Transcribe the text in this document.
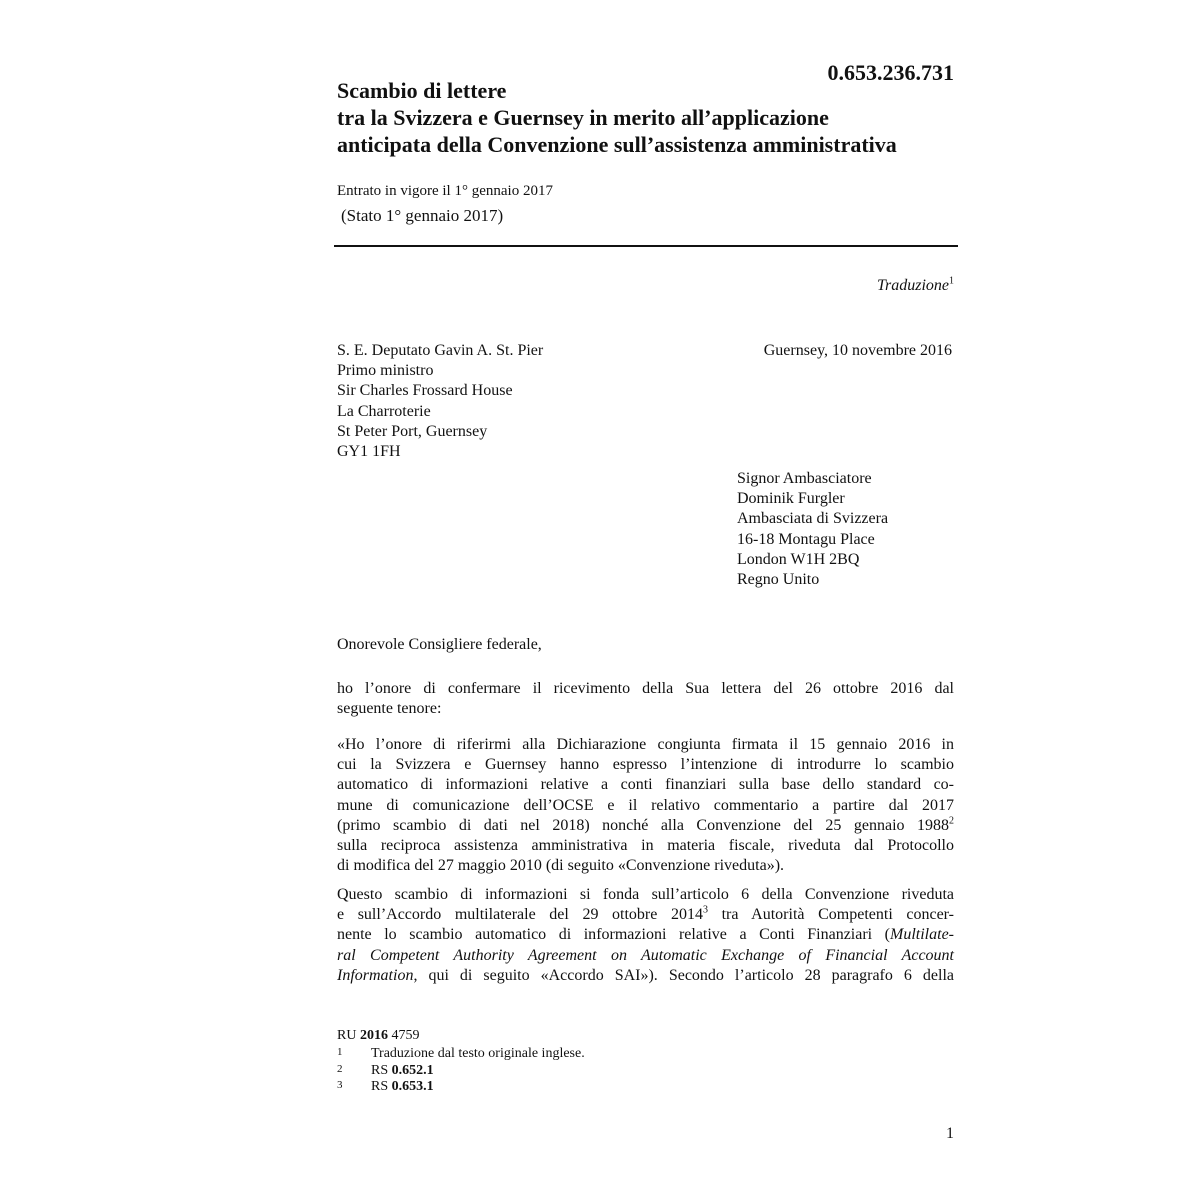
0.653.236.731
Scambio di lettere
tra la Svizzera e Guernsey in merito all’applicazione
anticipata della Convenzione sull’assistenza amministrativa
Entrato in vigore il 1° gennaio 2017
(Stato 1° gennaio 2017)
Traduzione$^1$
S. E. Deputato Gavin A. St. Pier
Primo ministro
Sir Charles Frossard House
La Charroterie
St Peter Port, Guernsey
GY1 1FH
Guernsey, 10 novembre 2016
Signor Ambasciatore
Dominik Furgler
Ambasciata di Svizzera
16-18 Montagu Place
London W1H 2BQ
Regno Unito
Onorevole Consigliere federale,
ho l’onore di confermare il ricevimento della Sua lettera del 26 ottobre 2016 dal
seguente tenore:
«Ho l’onore di riferirmi alla Dichiarazione congiunta firmata il 15 gennaio 2016 in
cui la Svizzera e Guernsey hanno espresso l’intenzione di introdurre lo scambio
automatico di informazioni relative a conti finanziari sulla base dello standard co-
mune di comunicazione dell’OCSE e il relativo commentario a partire dal 2017
(primo scambio di dati nel 2018) nonché alla Convenzione del 25 gennaio 1988$^2$
sulla reciproca assistenza amministrativa in materia fiscale, riveduta dal Protocollo
di modifica del 27 maggio 2010 (di seguito «Convenzione riveduta»).
Questo scambio di informazioni si fonda sull’articolo 6 della Convenzione riveduta
e sull’Accordo multilaterale del 29 ottobre 2014$^3$ tra Autorità Competenti concer-
nente lo scambio automatico di informazioni relative a Conti Finanziari (Multilate-
ral Competent Authority Agreement on Automatic Exchange of Financial Account
Information, qui di seguito «Accordo SAI»). Secondo l’articolo 28 paragrafo 6 della
RU 2016 4759
1	Traduzione dal testo originale inglese.
2	RS 0.652.1
3	RS 0.653.1
1
